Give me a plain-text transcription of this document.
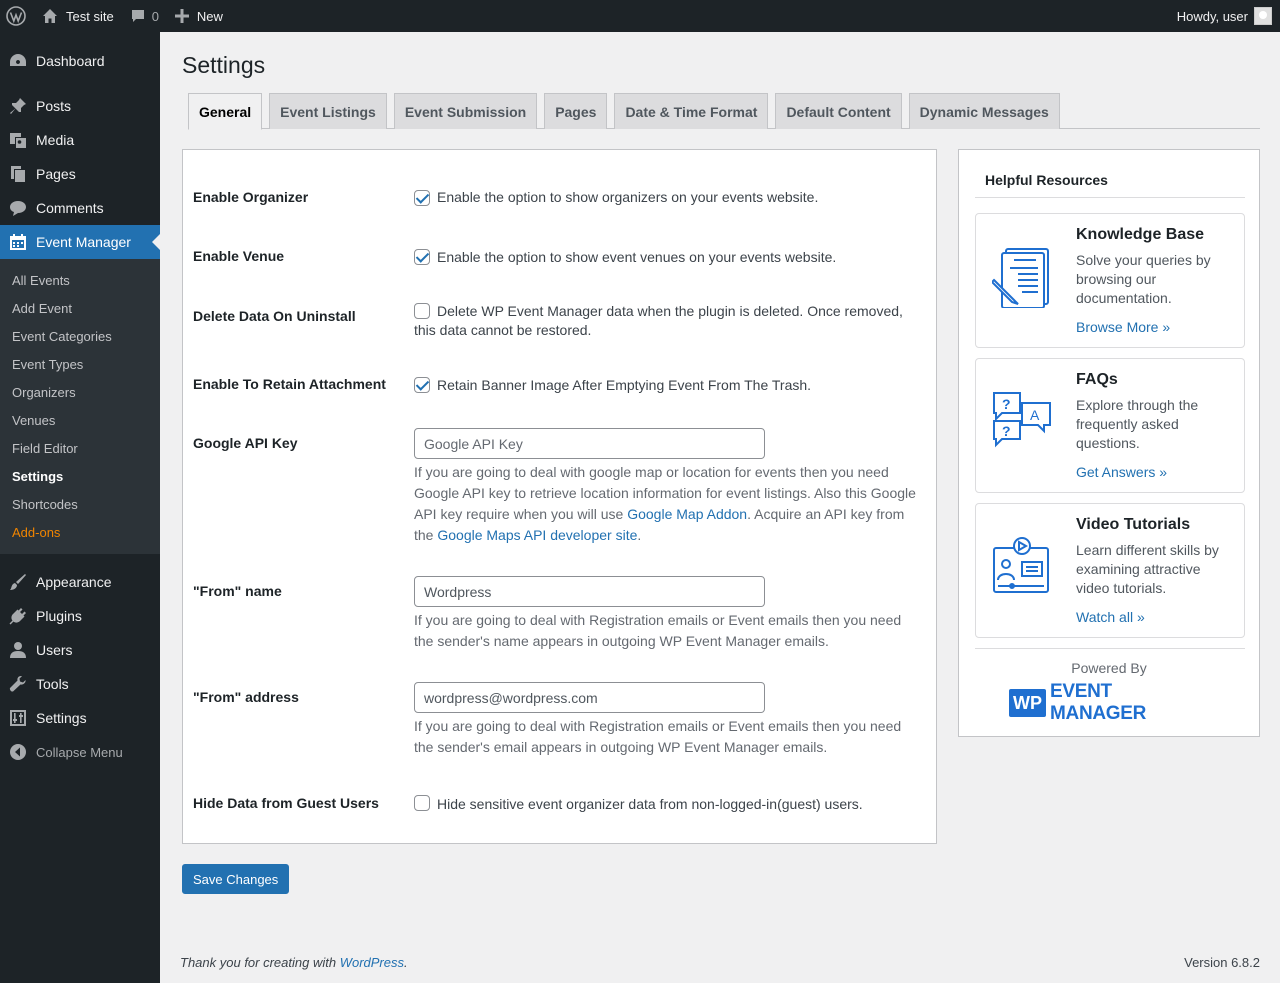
Test site	0	New	Howdy, user
Dashboard
Posts
Media
Pages
Comments
Event Manager
All Events
Add Event
Event Categories
Event Types
Organizers
Venues
Field Editor
Settings
Shortcodes
Add-ons
Appearance
Plugins
Users
Tools
Settings
Collapse Menu
Settings
General	Event Listings	Event Submission	Pages	Date & Time Format	Default Content	Dynamic Messages
Enable Organizer	Enable the option to show organizers on your events website.
Enable Venue	Enable the option to show event venues on your events website.
Delete Data On Uninstall	Delete WP Event Manager data when the plugin is deleted. Once removed, this data cannot be restored.
Enable To Retain Attachment	Retain Banner Image After Emptying Event From The Trash.
Google API Key	Google API Key
If you are going to deal with google map or location for events then you need Google API key to retrieve location information for event listings. Also this Google API key require when you will use Google Map Addon. Acquire an API key from the Google Maps API developer site.
"From" name	Wordpress
If you are going to deal with Registration emails or Event emails then you need the sender's name appears in outgoing WP Event Manager emails.
"From" address	wordpress@wordpress.com
If you are going to deal with Registration emails or Event emails then you need the sender's email appears in outgoing WP Event Manager emails.
Hide Data from Guest Users	Hide sensitive event organizer data from non-logged-in(guest) users.
Save Changes
Helpful Resources
Knowledge Base
Solve your queries by browsing our documentation.
Browse More »
?
A
?
FAQs
Explore through the frequently asked questions.
Get Answers »
Video Tutorials
Learn different skills by examining attractive video tutorials.
Watch all »
Powered By
WP
EVENT MANAGER
Thank you for creating with WordPress.	Version 6.8.2
